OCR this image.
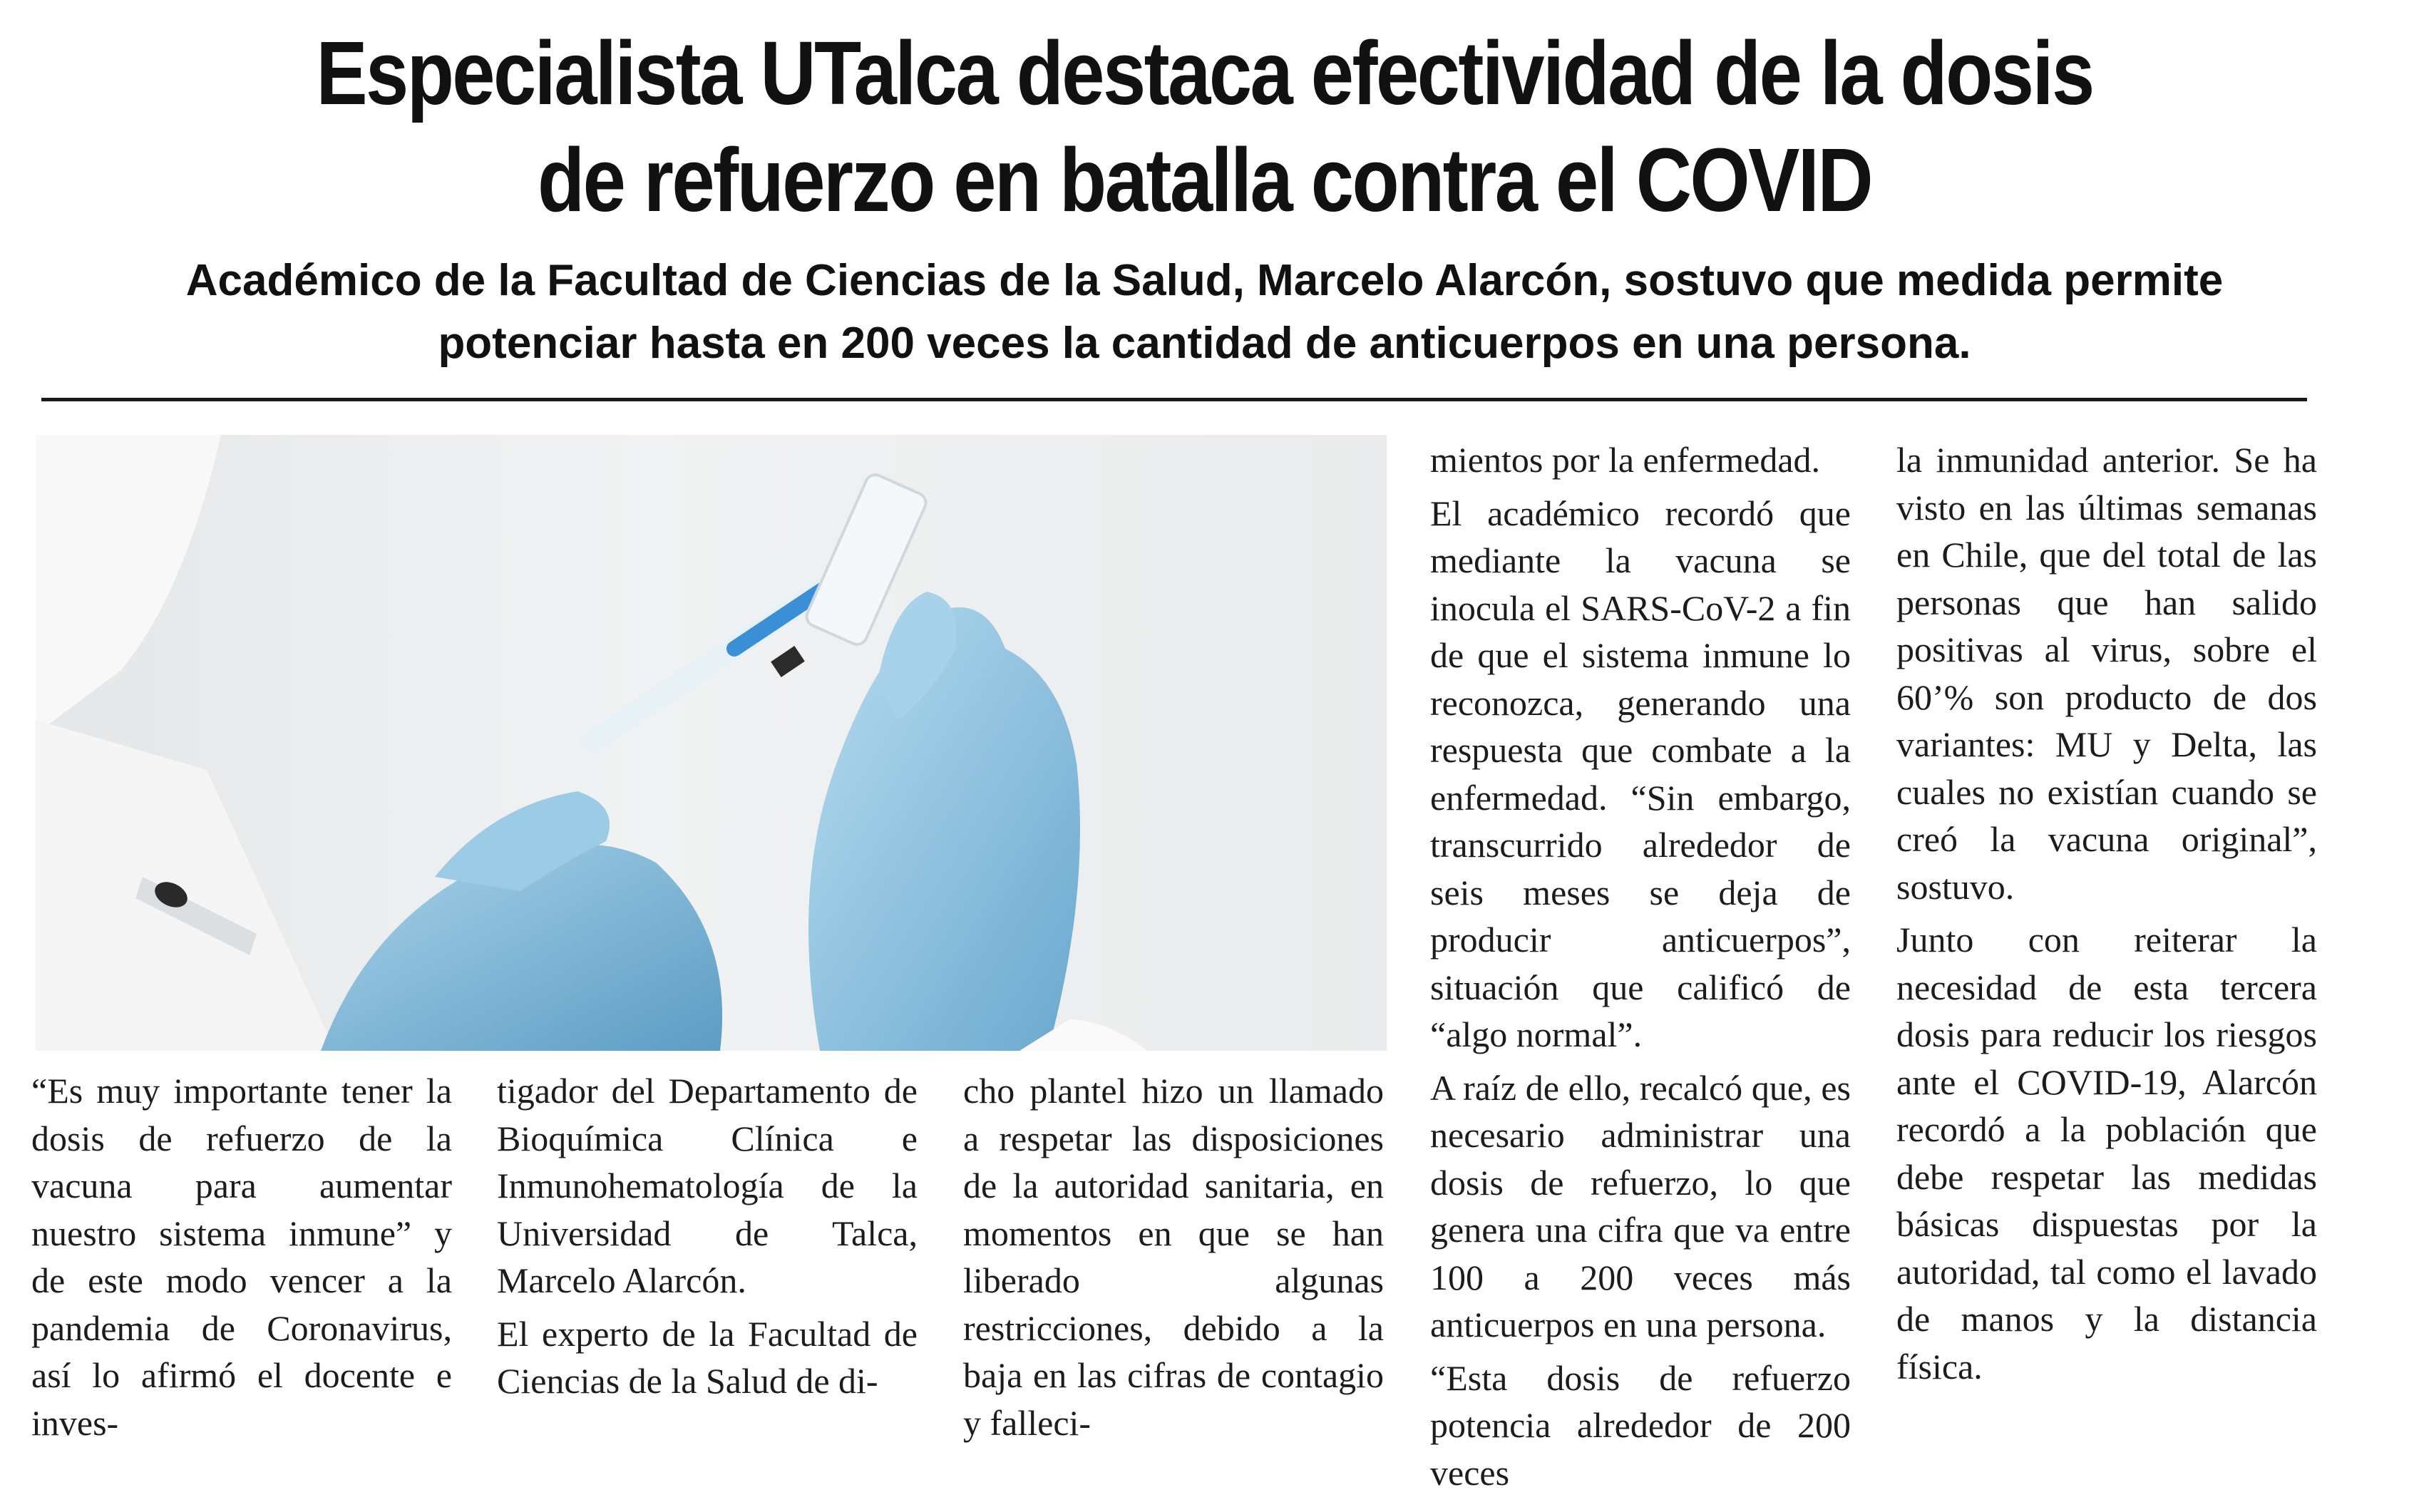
Especialista UTalca destaca efectividad de la dosis
de refuerzo en batalla contra el COVID
Académico de la Facultad de Ciencias de la Salud, Marcelo Alarcón, sostuvo que medida permite
potenciar hasta en 200 veces la cantidad de anticuerpos en una persona.

“Es muy importante tener la dosis de refuerzo de la vacuna para aumentar nuestro sistema inmune” y de este modo vencer a la pandemia de Coronavirus, así lo afirmó el docente e inves-

tigador del Departamento de Bioquímica Clínica e Inmunohematología de la Universidad de Talca, Marcelo Alarcón.

El experto de la Facultad de Ciencias de la Salud de di-

cho plantel hizo un llamado a respetar las disposiciones de la autoridad sanitaria, en momentos en que se han liberado algunas restricciones, debido a la baja en las cifras de contagio y falleci-

mientos por la enfermedad.

El académico recordó que mediante la vacuna se inocula el SARS-CoV-2 a fin de que el sistema inmune lo reconozca, generando una respuesta que combate a la enfermedad. “Sin embargo, transcurrido alrededor de seis meses se deja de producir anticuerpos”, situación que calificó de “algo normal”.

A raíz de ello, recalcó que, es necesario administrar una dosis de refuerzo, lo que genera una cifra que va entre 100 a 200 veces más anticuerpos en una persona.

“Esta dosis de refuerzo potencia alrededor de 200 veces

la inmunidad anterior. Se ha visto en las últimas semanas en Chile, que del total de las personas que han salido positivas al virus, sobre el 60’% son producto de dos variantes: MU y Delta, las cuales no existían cuando se creó la vacuna original”, sostuvo.

Junto con reiterar la necesidad de esta tercera dosis para reducir los riesgos ante el COVID-19, Alarcón recordó a la población que debe respetar las medidas básicas dispuestas por la autoridad, tal como el lavado de manos y la distancia física.
